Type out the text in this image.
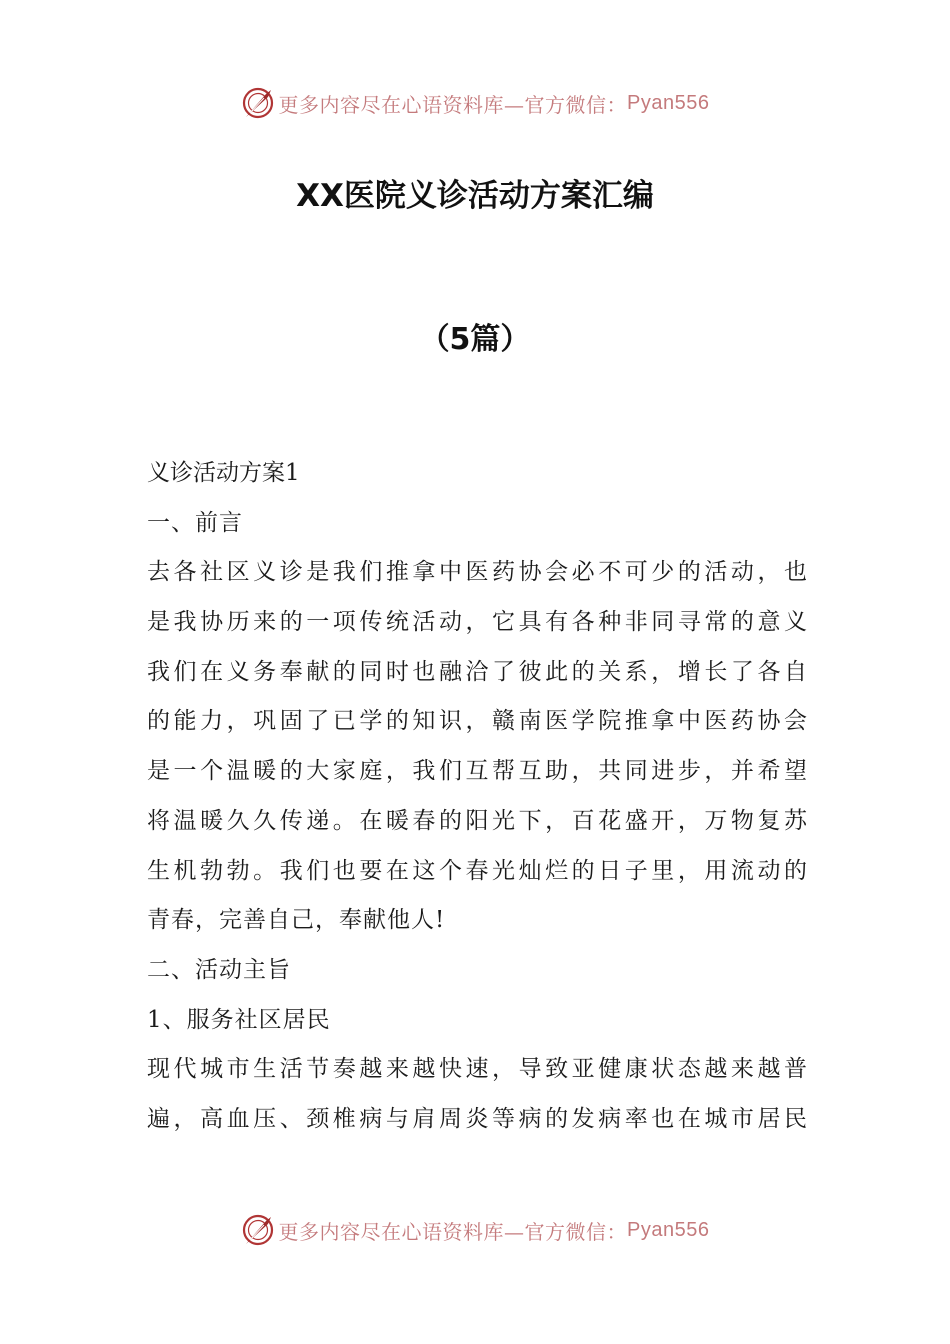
更多内容尽在心语资料库—官方微信： Pyan556
XX医院义诊活动方案汇编
（5篇）
义诊活动方案1
一、前言
去各社区义诊是我们推拿中医药协会必不可少的活动，也
是我协历来的一项传统活动，它具有各种非同寻常的意义
我们在义务奉献的同时也融洽了彼此的关系，增长了各自
的能力，巩固了已学的知识，赣南医学院推拿中医药协会
是一个温暖的大家庭，我们互帮互助，共同进步，并希望
将温暖久久传递。在暖春的阳光下，百花盛开，万物复苏
生机勃勃。我们也要在这个春光灿烂的日子里，用流动的
青春，完善自己，奉献他人!
二、活动主旨
1、服务社区居民
现代城市生活节奏越来越快速，导致亚健康状态越来越普
遍，高血压、颈椎病与肩周炎等病的发病率也在城市居民
更多内容尽在心语资料库—官方微信： Pyan556
